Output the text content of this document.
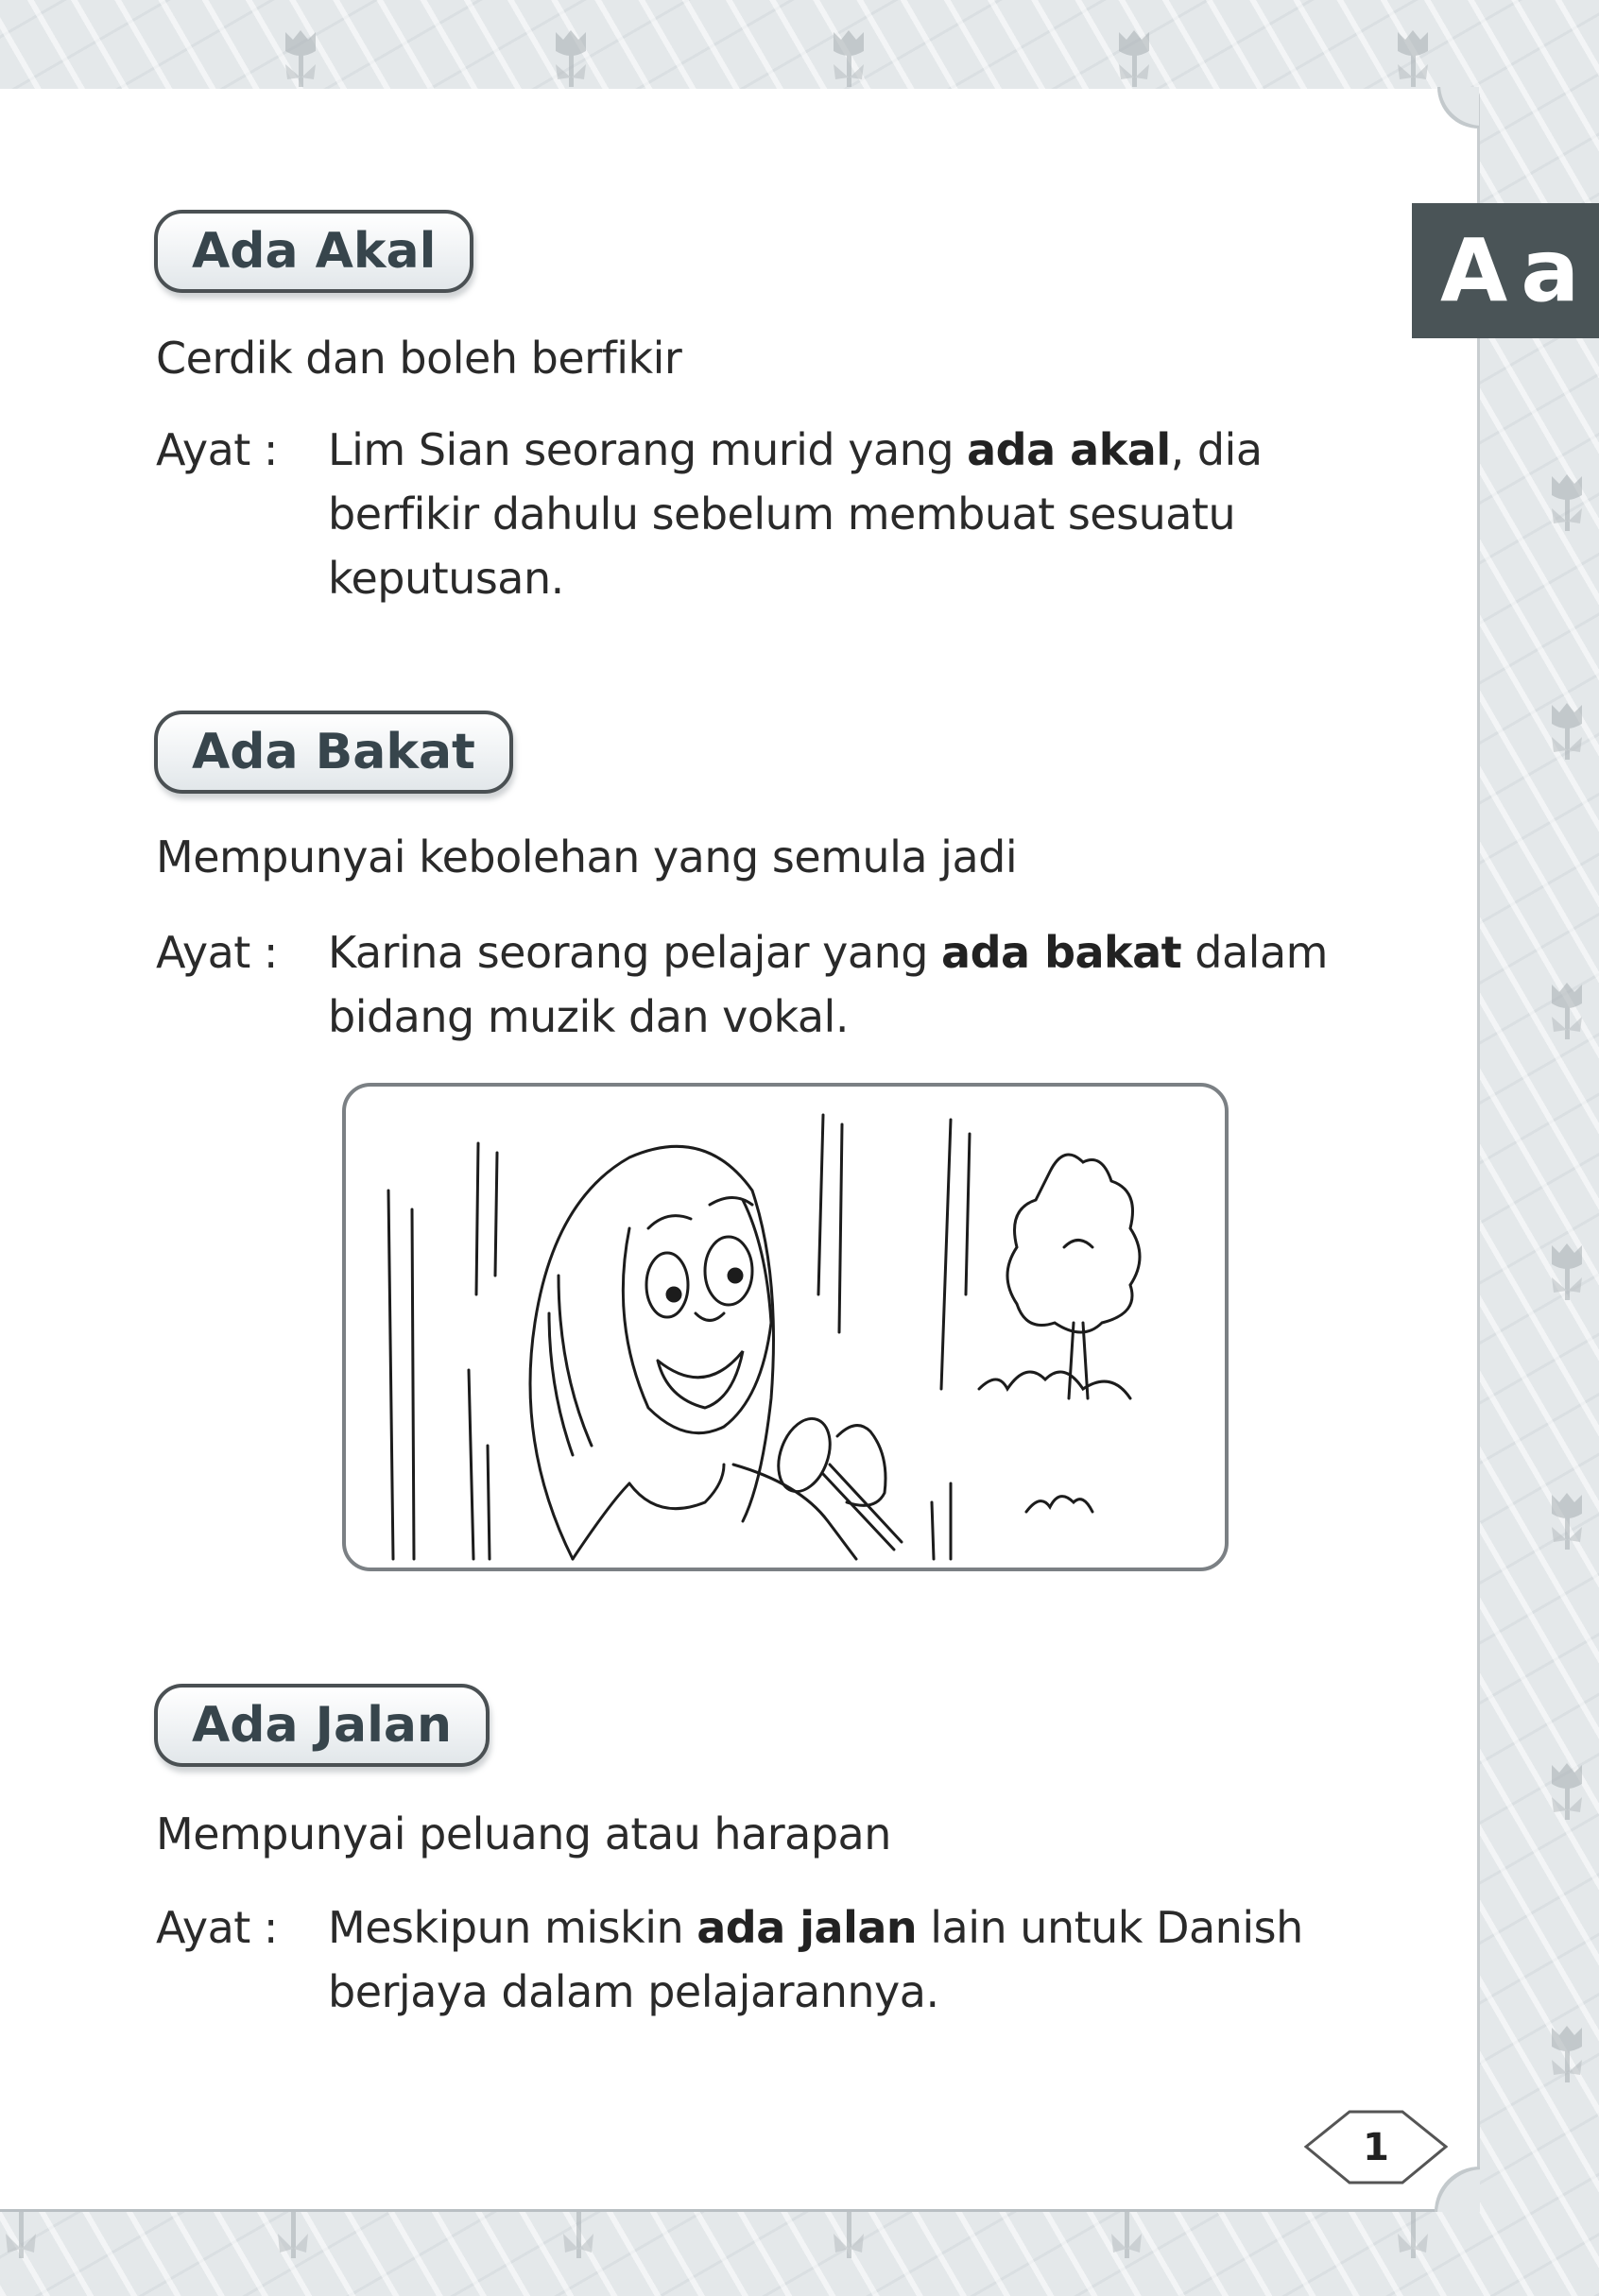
Aa
Ada Akal
Cerdik dan boleh berfikir
Ayat : Lim Sian seorang murid yang ada akal, dia berfikir dahulu sebelum membuat sesuatu keputusan.
Ada Bakat
Mempunyai kebolehan yang semula jadi
Ayat : Karina seorang pelajar yang ada bakat dalam bidang muzik dan vokal.
Ada Jalan
Mempunyai peluang atau harapan
Ayat : Meskipun miskin ada jalan lain untuk Danish berjaya dalam pelajarannya.
1
